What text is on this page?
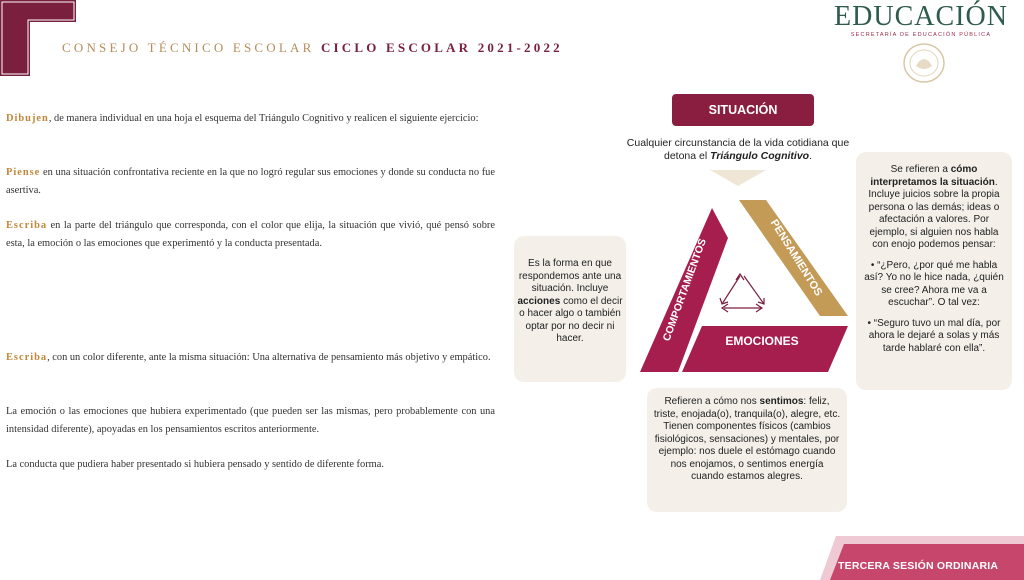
CONSEJO TÉCNICO ESCOLAR CICLO ESCOLAR 2021-2022
EDUCACIÓN
SECRETARÍA DE EDUCACIÓN PÚBLICA
Dibujen, de manera individual en una hoja el esquema del Triángulo Cognitivo y realicen el siguiente ejercicio:
Piense en una situación confrontativa reciente en la que no logró regular sus emociones y donde su conducta no fue asertiva.
Escriba en la parte del triángulo que corresponda, con el color que elija, la situación que vivió, qué pensó sobre esta, la emoción o las emociones que experimentó y la conducta presentada.
Escriba, con un color diferente, ante la misma situación: Una alternativa de pensamiento más objetivo y empático.
La emoción o las emociones que hubiera experimentado (que pueden ser las mismas, pero probablemente con una intensidad diferente), apoyadas en los pensamientos escritos anteriormente.
La conducta que pudiera haber presentado si hubiera pensado y sentido de diferente forma.
SITUACIÓN
Cualquier circunstancia de la vida cotidiana que detona el Triángulo Cognitivo.
EMOCIONES
PENSAMIENTOS
COMPORTAMIENTOS
Es la forma en que respondemos ante una situación. Incluye acciones como el decir o hacer algo o también optar por no decir ni hacer.
Se refieren a cómo interpretamos la situación. Incluye juicios sobre la propia persona o las demás; ideas o afectación a valores. Por ejemplo, si alguien nos habla con enojo podemos pensar:
• “¿Pero, ¿por qué me habla así? Yo no le hice nada, ¿quién se cree? Ahora me va a escuchar”. O tal vez:
• “Seguro tuvo un mal día, por ahora le dejaré a solas y más tarde hablaré con ella”.
Refieren a cómo nos sentimos: feliz, triste, enojada(o), tranquila(o), alegre, etc. Tienen componentes físicos (cambios fisiológicos, sensaciones) y mentales, por ejemplo: nos duele el estómago cuando nos enojamos, o sentimos energía cuando estamos alegres.
TERCERA SESIÓN ORDINARIA
